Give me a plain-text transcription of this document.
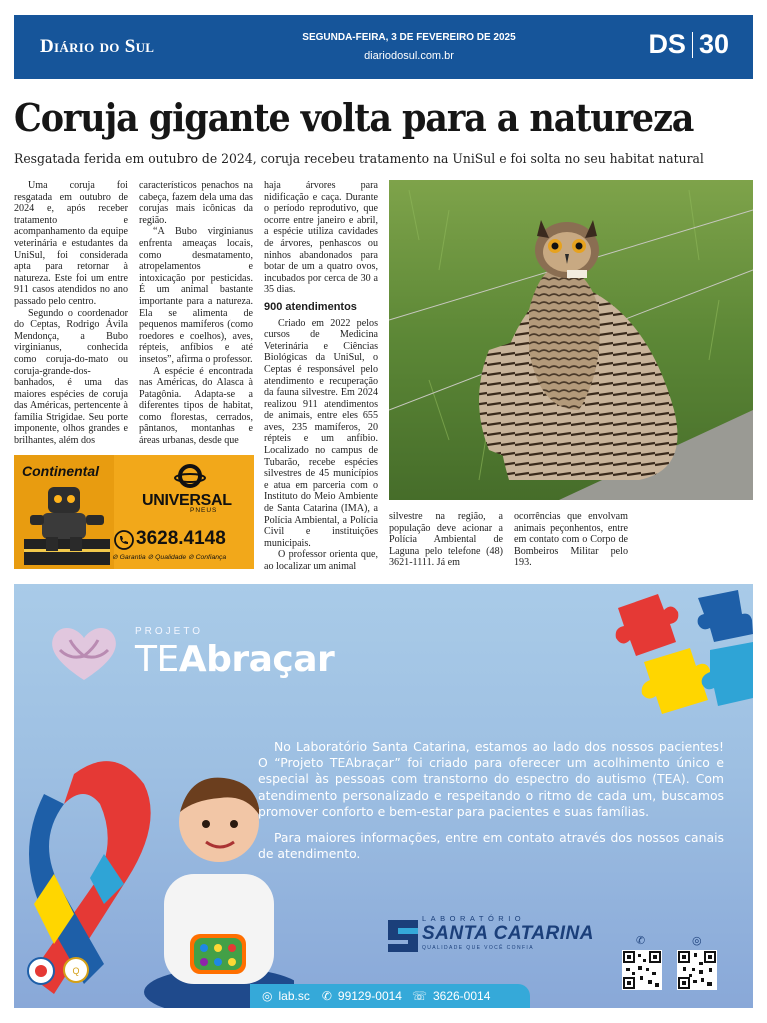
Diário do Sul	SEGUNDA-FEIRA, 3 DE FEVEREIRO DE 2025
diariodosul.com.br	DS 30
Coruja gigante volta para a natureza
Resgatada ferida em outubro de 2024, coruja recebeu tratamento na UniSul e foi solta no seu habitat natural

Uma coruja foi resgatada em outubro de 2024 e, após receber tratamento e acompanhamento da equipe veterinária e estudantes da UniSul, foi considerada apta para retornar à natureza. Este foi um entre 911 casos atendidos no ano passado pelo centro.

Segundo o coordenador do Ceptas, Rodrigo Ávila Mendonça, a Bubo virginianus, conhecida como coruja-do-mato ou coruja-grande-dos-banhados, é uma das maiores espécies de coruja das Américas, pertencente à família Strigidae. Seu porte imponente, olhos grandes e brilhantes, além dos

característicos penachos na cabeça, fazem dela uma das corujas mais icônicas da região.

“A Bubo virginianus enfrenta ameaças locais, como desmatamento, atropelamentos e intoxicação por pesticidas. É um animal bastante importante para a natureza. Ela se alimenta de pequenos mamíferos (como roedores e coelhos), aves, répteis, anfíbios e até insetos”, afirma o professor.

A espécie é encontrada nas Américas, do Alasca à Patagônia. Adapta-se a diferentes tipos de habitat, como florestas, cerrados, pântanos, montanhas e áreas urbanas, desde que

haja árvores para nidificação e caça. Durante o período reprodutivo, que ocorre entre janeiro e abril, a espécie utiliza cavidades de árvores, penhascos ou ninhos abandonados para botar de um a quatro ovos, incubados por cerca de 30 a 35 dias.

900 atendimentos

Criado em 2022 pelos cursos de Medicina Veterinária e Ciências Biológicas da UniSul, o Ceptas é responsável pelo atendimento e recuperação da fauna silvestre. Em 2024 realizou 911 atendimentos de animais, entre eles 655 aves, 235 mamíferos, 20 répteis e um anfíbio. Localizado no campus de Tubarão, recebe espécies silvestres de 45 municípios e atua em parceria com o Instituto do Meio Ambiente de Santa Catarina (IMA), a Polícia Ambiental, a Polícia Civil e instituições municipais.

O professor orienta que, ao localizar um animal

silvestre na região, a população deve acionar a Polícia Ambiental de Laguna pelo telefone (48) 3621-1111. Já em

ocorrências que envolvam animais peçonhentos, entre em contato com o Corpo de Bombeiros Militar pelo 193.

Continental
UNIVERSAL
PNEUS
3628.4148
⊘ Garantia ⊘ Qualidade ⊘ Confiança
PROJETO
TEAbraçar
Q

No Laboratório Santa Catarina, estamos ao lado dos nossos pacientes! O “Projeto TEAbraçar” foi criado para oferecer um acolhimento único e especial às pessoas com transtorno do espectro do autismo (TEA). Com atendimento personalizado e respeitando o ritmo de cada um, buscamos promover conforto e bem-estar para pacientes e suas famílias.

Para maiores informações, entre em contato através dos nossos canais de atendimento.

LABORATÓRIO
SANTA CATARINA
QUALIDADE QUE VOCÊ CONFIA
✆	◎
◎ lab.sc ✆ 99129-0014 ☏ 3626-0014
